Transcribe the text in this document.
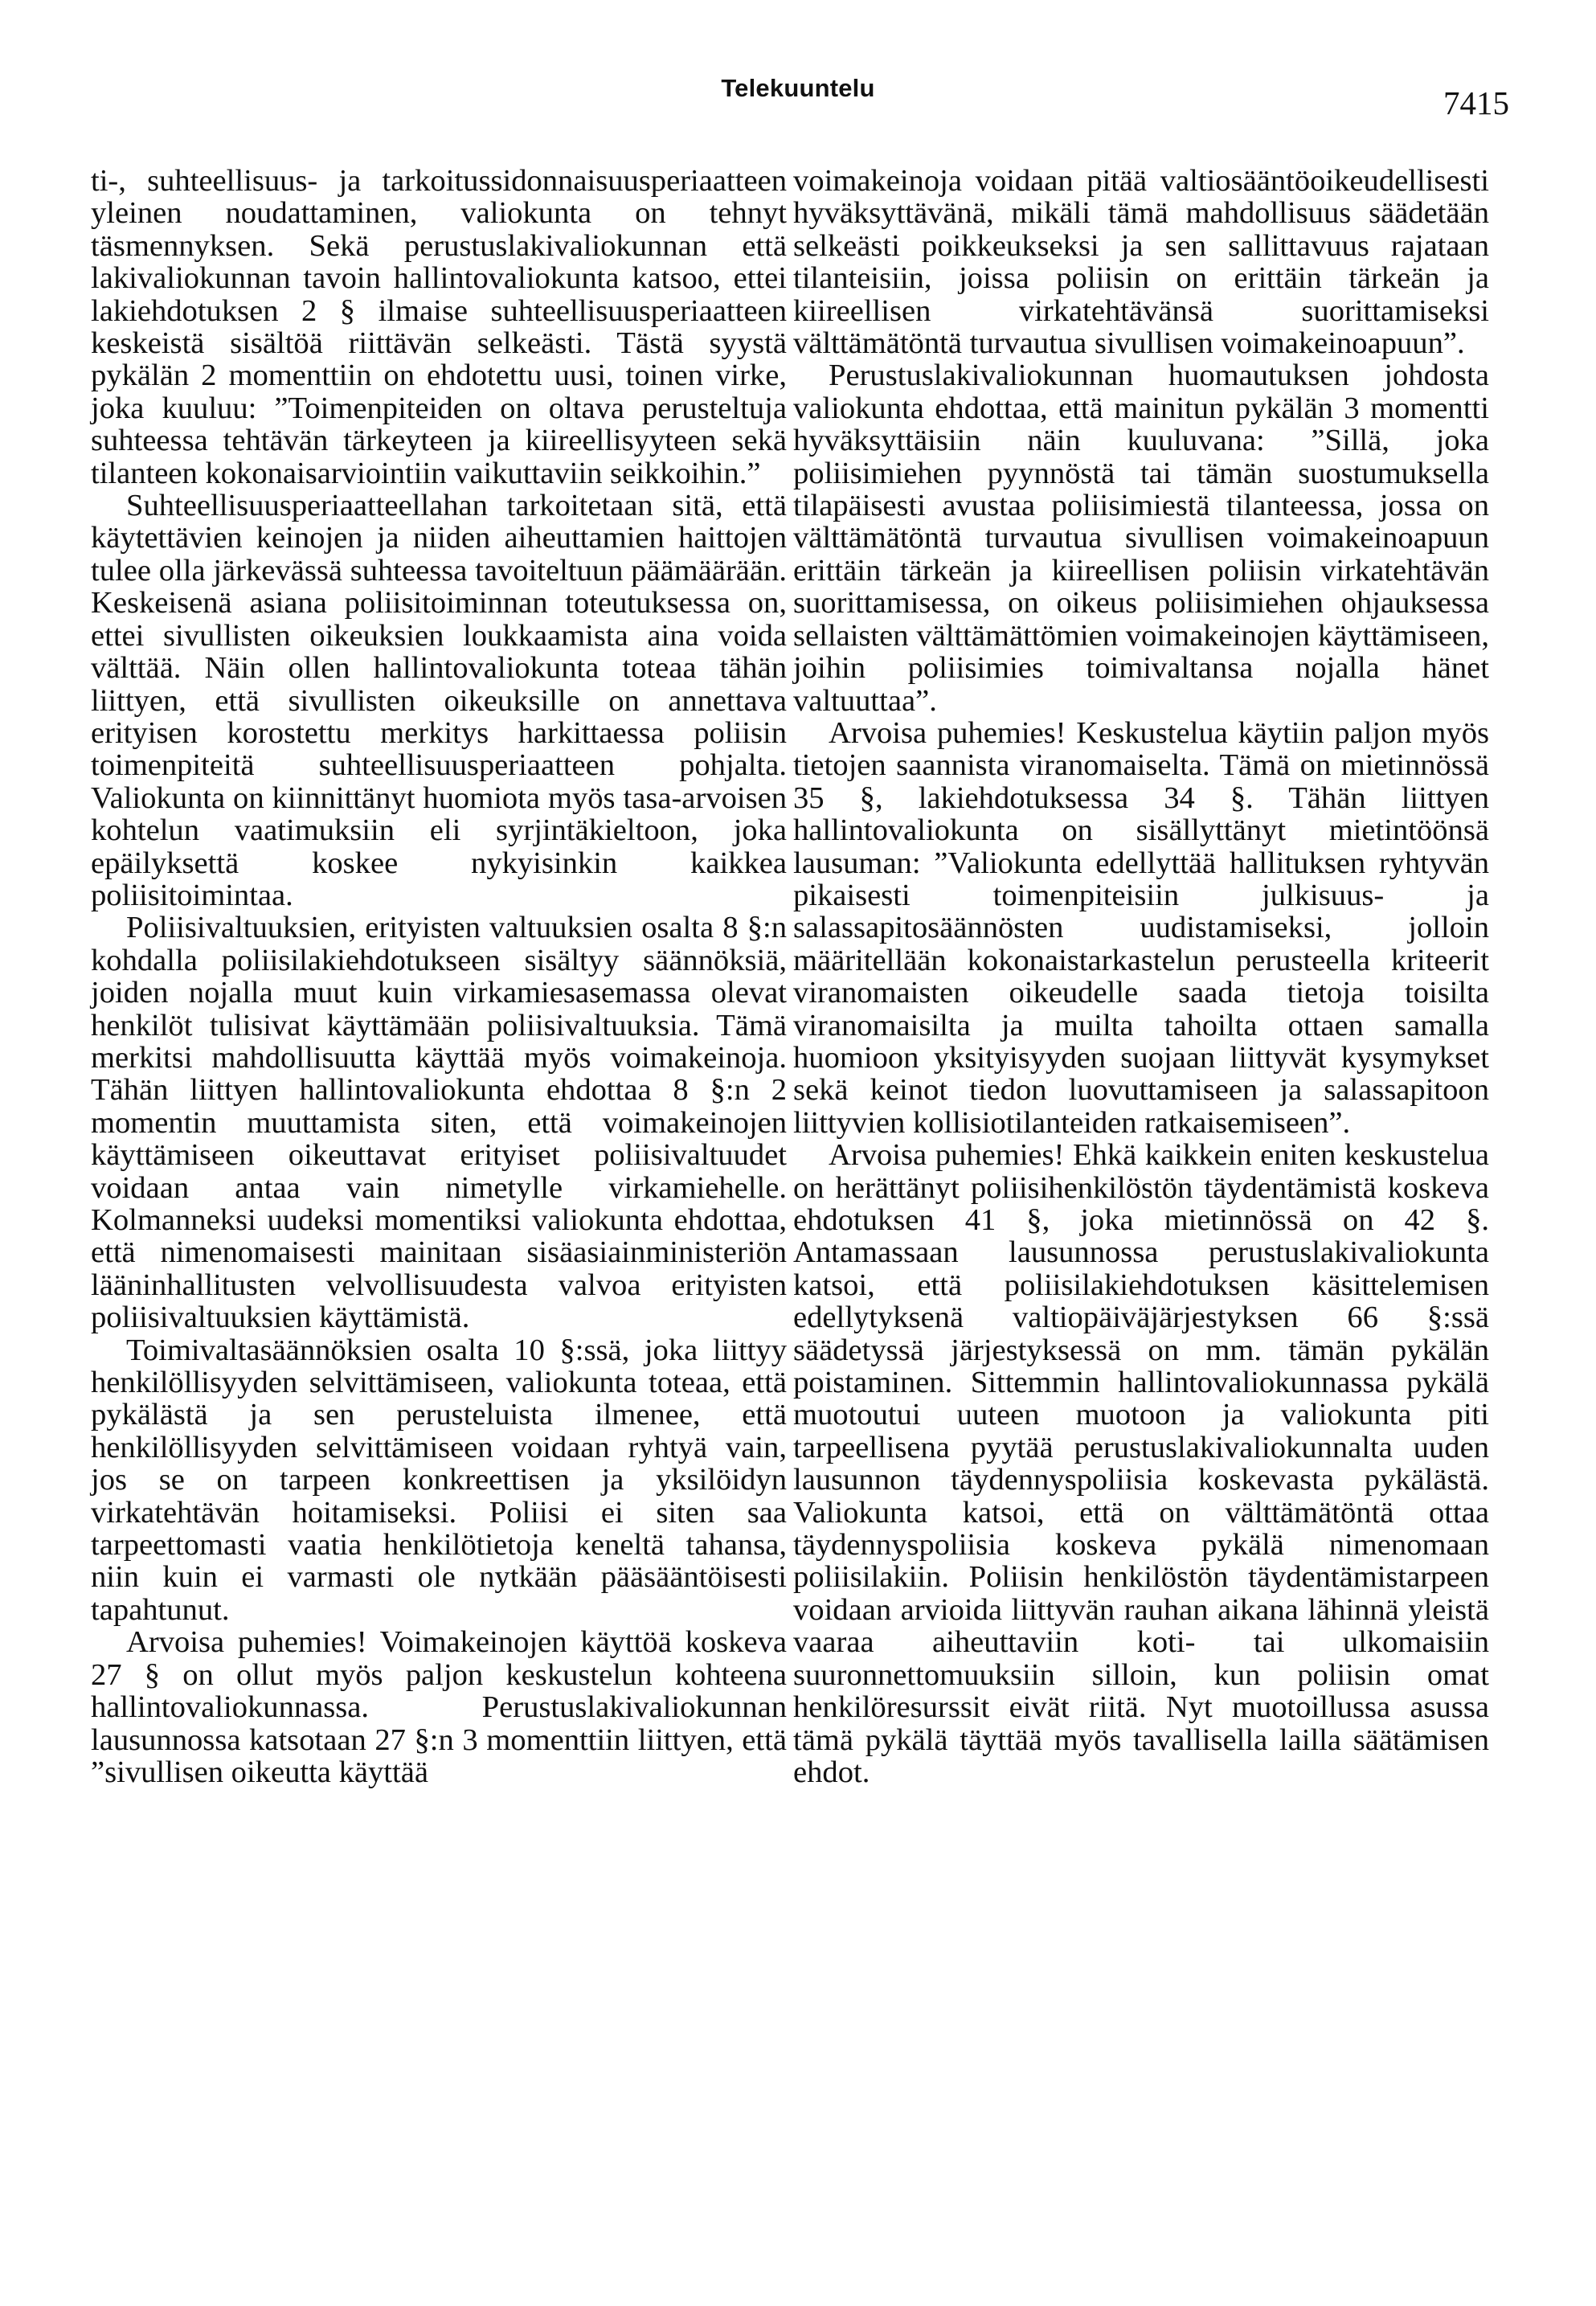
Telekuuntelu	7415

ti-, suhteellisuus- ja tarkoitussidonnaisuusperiaatteen yleinen noudattaminen, valiokunta on tehnyt täsmennyksen. Sekä perustuslakivaliokunnan että lakivaliokunnan tavoin hallintovaliokunta katsoo, ettei lakiehdotuksen 2 § ilmaise suhteellisuusperiaatteen keskeistä sisältöä riittävän selkeästi. Tästä syystä pykälän 2 momenttiin on ehdotettu uusi, toinen virke, joka kuuluu: ”Toimenpiteiden on oltava perusteltuja suhteessa tehtävän tärkeyteen ja kiireellisyyteen sekä tilanteen kokonaisarviointiin vaikuttaviin seikkoihin.”

Suhteellisuusperiaatteellahan tarkoitetaan sitä, että käytettävien keinojen ja niiden aiheuttamien haittojen tulee olla järkevässä suhteessa tavoiteltuun päämäärään. Keskeisenä asiana poliisitoiminnan toteutuksessa on, ettei sivullisten oikeuksien loukkaamista aina voida välttää. Näin ollen hallintovaliokunta toteaa tähän liittyen, että sivullisten oikeuksille on annettava erityisen korostettu merkitys harkittaessa poliisin toimenpiteitä suhteellisuusperiaatteen pohjalta. Valiokunta on kiinnittänyt huomiota myös tasa-arvoisen kohtelun vaatimuksiin eli syrjintäkieltoon, joka epäilyksettä koskee nykyisinkin kaikkea poliisitoimintaa.

Poliisivaltuuksien, erityisten valtuuksien osalta 8 §:n kohdalla poliisilakiehdotukseen sisältyy säännöksiä, joiden nojalla muut kuin virkamiesasemassa olevat henkilöt tulisivat käyttämään poliisivaltuuksia. Tämä merkitsi mahdollisuutta käyttää myös voimakeinoja. Tähän liittyen hallintovaliokunta ehdottaa 8 §:n 2 momentin muuttamista siten, että voimakeinojen käyttämiseen oikeuttavat erityiset poliisivaltuudet voidaan antaa vain nimetylle virkamiehelle. Kolmanneksi uudeksi momentiksi valiokunta ehdottaa, että nimenomaisesti mainitaan sisäasiainministeriön lääninhallitusten velvollisuudesta valvoa erityisten poliisivaltuuksien käyttämistä.

Toimivaltasäännöksien osalta 10 §:ssä, joka liittyy henkilöllisyyden selvittämiseen, valiokunta toteaa, että pykälästä ja sen perusteluista ilmenee, että henkilöllisyyden selvittämiseen voidaan ryhtyä vain, jos se on tarpeen konkreettisen ja yksilöidyn virkatehtävän hoitamiseksi. Poliisi ei siten saa tarpeettomasti vaatia henkilötietoja keneltä tahansa, niin kuin ei varmasti ole nytkään pääsääntöisesti tapahtunut.

Arvoisa puhemies! Voimakeinojen käyttöä koskeva 27 § on ollut myös paljon keskustelun kohteena hallintovaliokunnassa. Perustuslakivaliokunnan lausunnossa katsotaan 27 §:n 3 momenttiin liittyen, että ”sivullisen oikeutta käyttää

voimakeinoja voidaan pitää valtiosääntöoikeudellisesti hyväksyttävänä, mikäli tämä mahdollisuus säädetään selkeästi poikkeukseksi ja sen sallittavuus rajataan tilanteisiin, joissa poliisin on erittäin tärkeän ja kiireellisen virkatehtävänsä suorittamiseksi välttämätöntä turvautua sivullisen voimakeinoapuun”.

Perustuslakivaliokunnan huomautuksen johdosta valiokunta ehdottaa, että mainitun pykälän 3 momentti hyväksyttäisiin näin kuuluvana: ”Sillä, joka poliisimiehen pyynnöstä tai tämän suostumuksella tilapäisesti avustaa poliisimiestä tilanteessa, jossa on välttämätöntä turvautua sivullisen voimakeinoapuun erittäin tärkeän ja kiireellisen poliisin virkatehtävän suorittamisessa, on oikeus poliisimiehen ohjauksessa sellaisten välttämättömien voimakeinojen käyttämiseen, joihin poliisimies toimivaltansa nojalla hänet valtuuttaa”.

Arvoisa puhemies! Keskustelua käytiin paljon myös tietojen saannista viranomaiselta. Tämä on mietinnössä 35 §, lakiehdotuksessa 34 §. Tähän liittyen hallintovaliokunta on sisällyttänyt mietintöönsä lausuman: ”Valiokunta edellyttää hallituksen ryhtyvän pikaisesti toimenpiteisiin julkisuus- ja salassapitosäännösten uudistamiseksi, jolloin määritellään kokonaistarkastelun perusteella kriteerit viranomaisten oikeudelle saada tietoja toisilta viranomaisilta ja muilta tahoilta ottaen samalla huomioon yksityisyyden suojaan liittyvät kysymykset sekä keinot tiedon luovuttamiseen ja salassapitoon liittyvien kollisiotilanteiden ratkaisemiseen”.

Arvoisa puhemies! Ehkä kaikkein eniten keskustelua on herättänyt poliisihenkilöstön täydentämistä koskeva ehdotuksen 41 §, joka mietinnössä on 42 §. Antamassaan lausunnossa perustuslakivaliokunta katsoi, että poliisilakiehdotuksen käsittelemisen edellytyksenä valtiopäiväjärjestyksen 66 §:ssä säädetyssä järjestyksessä on mm. tämän pykälän poistaminen. Sittemmin hallintovaliokunnassa pykälä muotoutui uuteen muotoon ja valiokunta piti tarpeellisena pyytää perustuslakivaliokunnalta uuden lausunnon täydennyspoliisia koskevasta pykälästä. Valiokunta katsoi, että on välttämätöntä ottaa täydennyspoliisia koskeva pykälä nimenomaan poliisilakiin. Poliisin henkilöstön täydentämistarpeen voidaan arvioida liittyvän rauhan aikana lähinnä yleistä vaaraa aiheuttaviin koti- tai ulkomaisiin suuronnettomuuksiin silloin, kun poliisin omat henkilöresurssit eivät riitä. Nyt muotoillussa asussa tämä pykälä täyttää myös tavallisella lailla säätämisen ehdot.
